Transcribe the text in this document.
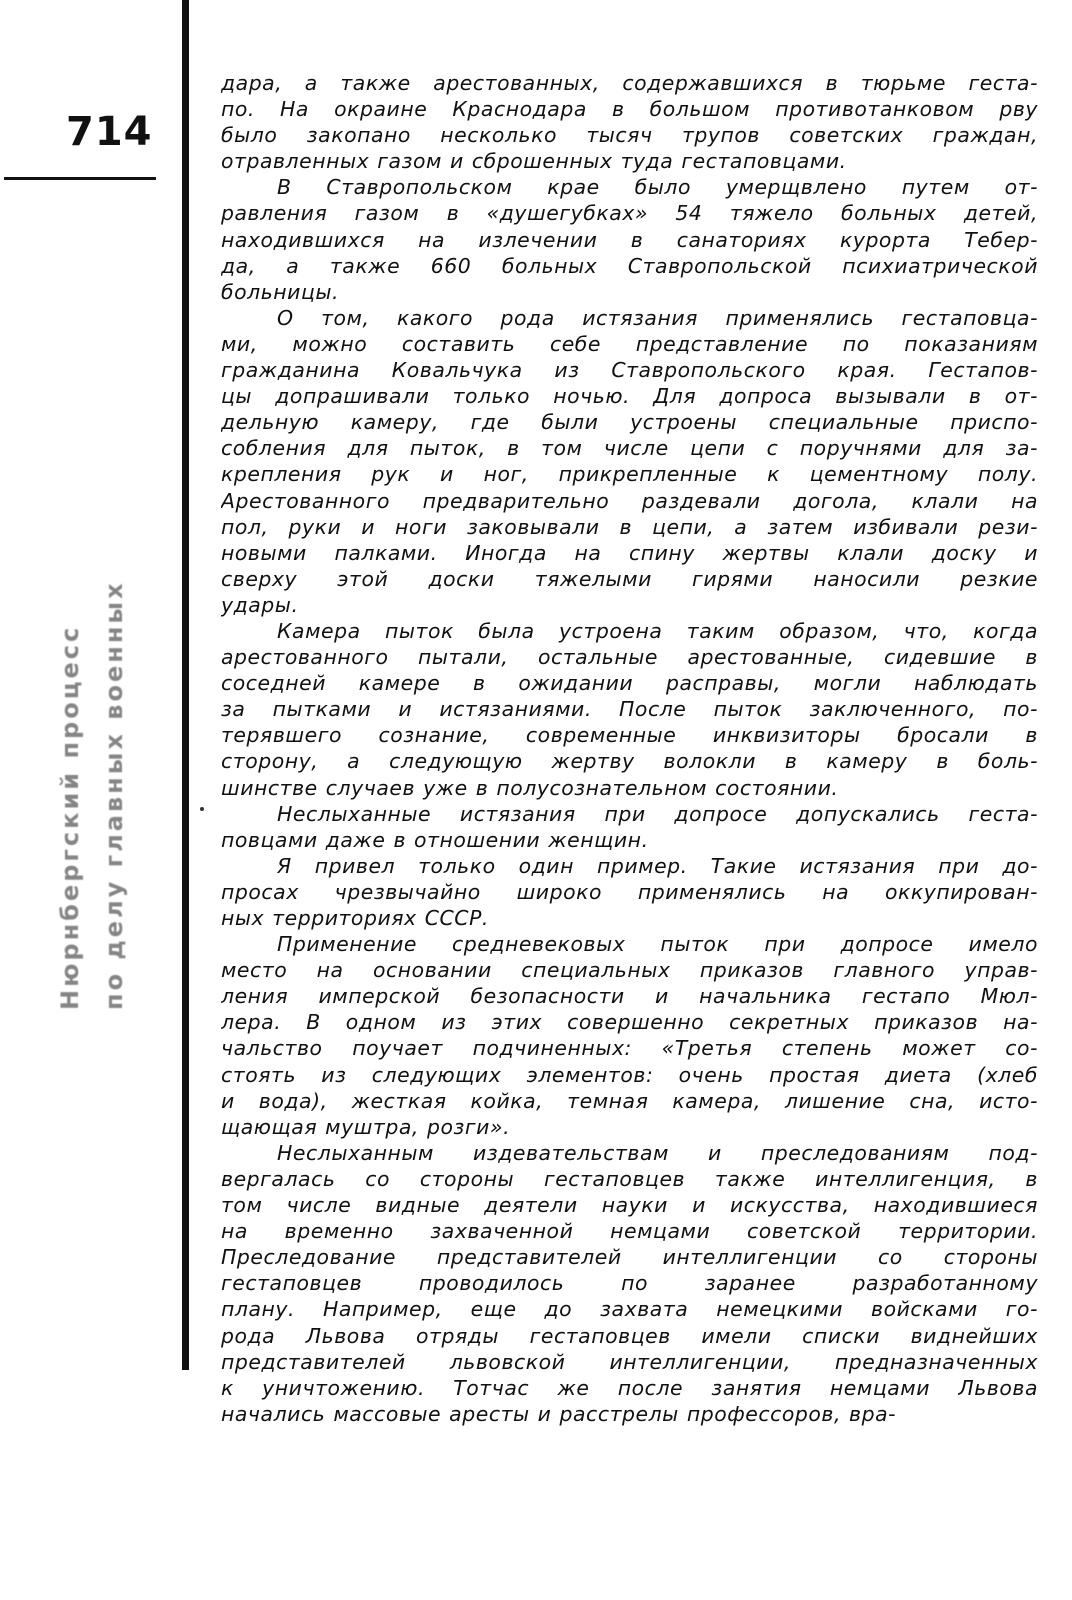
714
Нюрнбергский процесс по делу главных военных
дара, а также арестованных, содержавшихся в тюрьме геста-
по. На окраине Краснодара в большом противотанковом рву
было закопано несколько тысяч трупов советских граждан,
отравленных газом и сброшенных туда гестаповцами.
В Ставропольском крае было умерщвлено путем от-
равления газом в «душегубках» 54 тяжело больных детей,
находившихся на излечении в санаториях курорта Тебер-
да, а также 660 больных Ставропольской психиатрической
больницы.
О том, какого рода истязания применялись гестаповца-
ми, можно составить себе представление по показаниям
гражданина Ковальчука из Ставропольского края. Гестапов-
цы допрашивали только ночью. Для допроса вызывали в от-
дельную камеру, где были устроены специальные приспо-
собления для пыток, в том числе цепи с поручнями для за-
крепления рук и ног, прикрепленные к цементному полу.
Арестованного предварительно раздевали догола, клали на
пол, руки и ноги заковывали в цепи, а затем избивали рези-
новыми палками. Иногда на спину жертвы клали доску и
сверху этой доски тяжелыми гирями наносили резкие
удары.
Камера пыток была устроена таким образом, что, когда
арестованного пытали, остальные арестованные, сидевшие в
соседней камере в ожидании расправы, могли наблюдать
за пытками и истязаниями. После пыток заключенного, по-
терявшего сознание, современные инквизиторы бросали в
сторону, а следующую жертву волокли в камеру в боль-
шинстве случаев уже в полусознательном состоянии.
Неслыханные истязания при допросе допускались геста-
повцами даже в отношении женщин.
Я привел только один пример. Такие истязания при до-
просах чрезвычайно широко применялись на оккупирован-
ных территориях СССР.
Применение средневековых пыток при допросе имело
место на основании специальных приказов главного управ-
ления имперской безопасности и начальника гестапо Мюл-
лера. В одном из этих совершенно секретных приказов на-
чальство поучает подчиненных: «Третья степень может со-
стоять из следующих элементов: очень простая диета (хлеб
и вода), жесткая койка, темная камера, лишение сна, исто-
щающая муштра, розги».
Неслыханным издевательствам и преследованиям под-
вергалась со стороны гестаповцев также интеллигенция, в
том числе видные деятели науки и искусства, находившиеся
на временно захваченной немцами советской территории.
Преследование представителей интеллигенции со стороны
гестаповцев проводилось по заранее разработанному
плану. Например, еще до захвата немецкими войсками го-
рода Львова отряды гестаповцев имели списки виднейших
представителей львовской интеллигенции, предназначенных
к уничтожению. Тотчас же после занятия немцами Львова
начались массовые аресты и расстрелы профессоров, вра-
